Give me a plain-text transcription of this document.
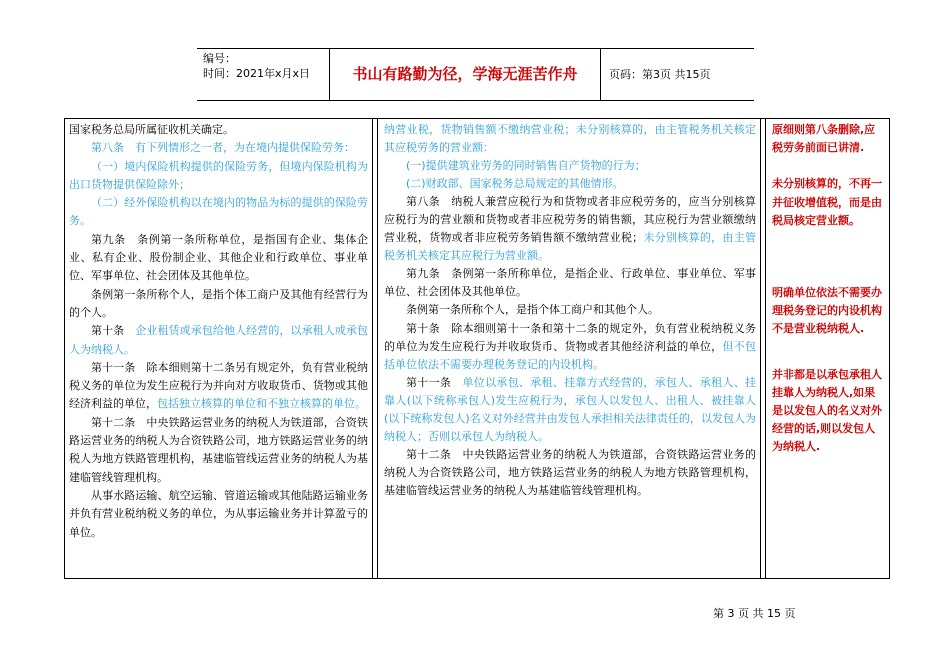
编号：
时间：2021年x月x日	书山有路勤为径，学海无涯苦作舟	页码：第3页 共15页

国家税务总局所属征收机关确定。

第八条　有下列情形之一者，为在境内提供保险劳务：

（一）境内保险机构提供的保险劳务，但境内保险机构为出口货物提供保险除外；

（二）经外保险机构以在境内的物品为标的提供的保险劳务。

第九条　条例第一条所称单位，是指国有企业、集体企业、私有企业、股份制企业、其他企业和行政单位、事业单位、军事单位、社会团体及其他单位。

条例第一条所称个人，是指个体工商户及其他有经营行为的个人。

第十条　企业租赁或承包给他人经营的，以承租人或承包人为纳税人。

第十一条　除本细则第十二条另有规定外，负有营业税纳税义务的单位为发生应税行为并向对方收取货币、货物或其他经济利益的单位，包括独立核算的单位和不独立核算的单位。

第十二条　中央铁路运营业务的纳税人为铁道部，合资铁路运营业务的纳税人为合资铁路公司，地方铁路运营业务的纳税人为地方铁路管理机构，基建临管线运营业务的纳税人为基建临管线管理机构。

从事水路运输、航空运输、管道运输或其他陆路运输业务并负有营业税纳税义务的单位，为从事运输业务并计算盈亏的单位。

纳营业税，货物销售额不缴纳营业税；未分别核算的，由主管税务机关核定其应税劳务的营业额：

(一)提供建筑业劳务的同时销售自产货物的行为；

(二)财政部、国家税务总局规定的其他情形。

第八条　纳税人兼营应税行为和货物或者非应税劳务的，应当分别核算应税行为的营业额和货物或者非应税劳务的销售额，其应税行为营业额缴纳营业税，货物或者非应税劳务销售额不缴纳营业税；未分别核算的，由主管税务机关核定其应税行为营业额。

第九条　条例第一条所称单位，是指企业、行政单位、事业单位、军事单位、社会团体及其他单位。

条例第一条所称个人，是指个体工商户和其他个人。

第十条　除本细则第十一条和第十二条的规定外，负有营业税纳税义务的单位为发生应税行为并收取货币、货物或者其他经济利益的单位，但不包括单位依法不需要办理税务登记的内设机构。

第十一条　单位以承包、承租、挂靠方式经营的，承包人、承租人、挂靠人(以下统称承包人)发生应税行为，承包人以发包人、出租人、被挂靠人(以下统称发包人)名义对外经营并由发包人承担相关法律责任的，以发包人为纳税人；否则以承包人为纳税人。

第十二条　中央铁路运营业务的纳税人为铁道部，合资铁路运营业务的纳税人为合资铁路公司，地方铁路运营业务的纳税人为地方铁路管理机构，基建临管线运营业务的纳税人为基建临管线管理机构。

原细则第八条删除,应税劳务前面已讲清.

未分别核算的，不再一并征收增值税，而是由税局核定营业额。

明确单位依法不需要办理税务登记的内设机构不是营业税纳税人.

并非都是以承包承租人挂靠人为纳税人,如果是以发包人的名义对外经营的话,则以发包人为纳税人.

第 3 页 共 15 页
